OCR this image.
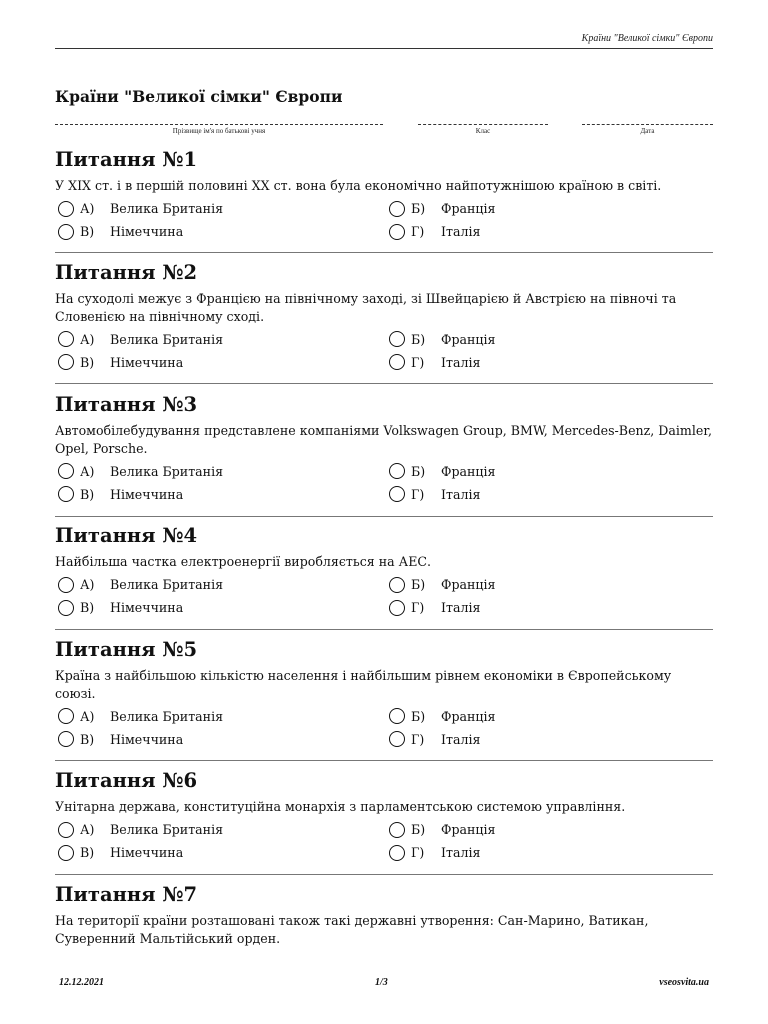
Країни "Великої сімки" Європи
Країни "Великої сімки" Європи
Прізвище ім'я по батькові учня	Клас	Дата
Питання №1

У XIX ст. і в першій половині XX ст. вона була економічно найпотужнішою країною в світі.

А)	Велика Британія	Б)	Франція
В)	Німеччина	Г)	Італія
Питання №2

На суходолі межує з Францією на північному заході, зі Швейцарією й Австрією на півночі та Словенією на північному сході.

А)	Велика Британія	Б)	Франція
В)	Німеччина	Г)	Італія
Питання №3

Автомобілебудування представлене компаніями Volkswagen Group, BMW, Mercedes-Benz, Daimler, Opel, Porsche.

А)	Велика Британія	Б)	Франція
В)	Німеччина	Г)	Італія
Питання №4

Найбільша частка електроенергії виробляється на АЕС.

А)	Велика Британія	Б)	Франція
В)	Німеччина	Г)	Італія
Питання №5

Країна з найбільшою кількістю населення і найбільшим рівнем економіки в Європейському союзі.

А)	Велика Британія	Б)	Франція
В)	Німеччина	Г)	Італія
Питання №6

Унітарна держава, конституційна монархія з парламентською системою управління.

А)	Велика Британія	Б)	Франція
В)	Німеччина	Г)	Італія
Питання №7

На території країни розташовані також такі державні утворення: Сан-Марино, Ватикан, Суверенний Мальтійський орден.

12.12.2021	1/3	vseosvita.ua
